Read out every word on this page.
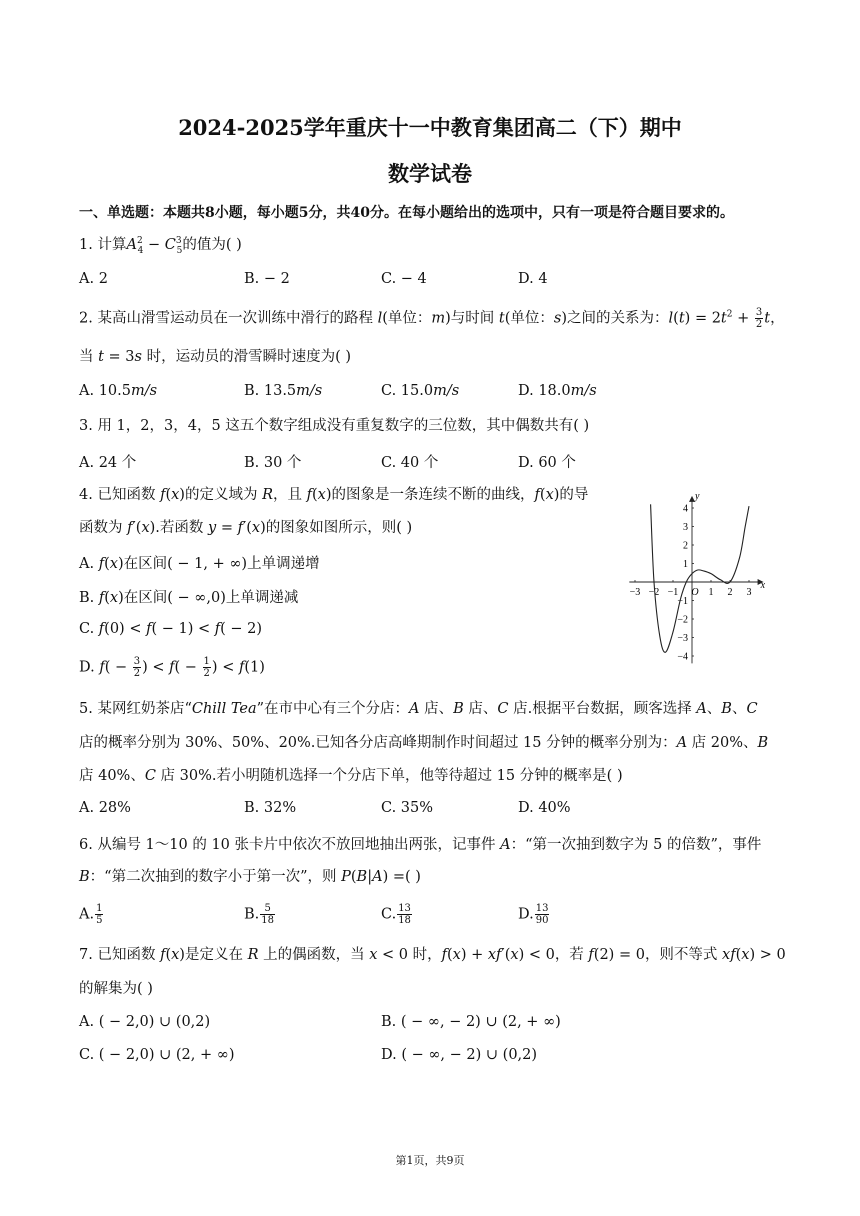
2024-2025学年重庆十一中教育集团高二（下）期中
数学试卷
一、单选题：本题共8小题，每小题5分，共40分。在每小题给出的选项中，只有一项是符合题目要求的。
1. 计算$A^2_4 - C^3_5$的值为( )
A. 2	B. − 2	C. − 4	D. 4
2. 某高山滑雪运动员在一次训练中滑行的路程 l(单位：m)与时间 t(单位：s)之间的关系为：$l(t) = 2t^2 + \frac{3}{2}$ t，
当 t = 3s 时，运动员的滑雪瞬时速度为( )
A. 10.5m/s	B. 13.5m/s	C. 15.0m/s	D. 18.0m/s
3. 用 1，2，3，4，5 这五个数字组成没有重复数字的三位数，其中偶数共有( )
A. 24 个	B. 30 个	C. 40 个	D. 60 个
4. 已知函数 f(x)的定义域为 R，且 f(x)的图象是一条连续不断的曲线，f(x)的导
函数为 f′(x).若函数 y = f′(x)的图象如图所示，则( )
A. f(x)在区间( − 1, + ∞)上单调递增
B. f(x)在区间( − ∞,0)上单调递减
C. f(0) < f( − 1) < f( − 2)
D. $f( - \frac{3}{2}$ ) < $f( - \frac{1}{2}$ ) < f(1)
x
y
−3 −2 −1 O 1 2 3
4
3
2
1
−1
−2
−3
−4
5. 某网红奶茶店“Chill Tea”在市中心有三个分店：A 店、B 店、C 店.根据平台数据，顾客选择 A、B、C
店的概率分别为 30%、50%、20%.已知各分店高峰期制作时间超过 15 分钟的概率分别为：A 店 20%、B
店 40%、C 店 30%.若小明随机选择一个分店下单，他等待超过 15 分钟的概率是( )
A. 28%	B. 32%	C. 35%	D. 40%
6. 从编号 1～10 的 10 张卡片中依次不放回地抽出两张，记事件 A：“第一次抽到数字为 5 的倍数”，事件
B：“第二次抽到的数字小于第一次”，则 P(B|A) =( )
A. $\frac{1}{5}$	B. $\frac{5}{18}$	C. $\frac{13}{18}$	D. $\frac{13}{90}$
7. 已知函数 f(x)是定义在 R 上的偶函数，当 x < 0 时，f(x) + xf′(x) < 0，若 f(2) = 0，则不等式 xf(x) > 0
的解集为( )
A. ( − 2,0) ∪ (0,2)	B. ( − ∞, − 2) ∪ (2, + ∞)
C. ( − 2,0) ∪ (2, + ∞)	D. ( − ∞, − 2) ∪ (0,2)
第1页，共9页
